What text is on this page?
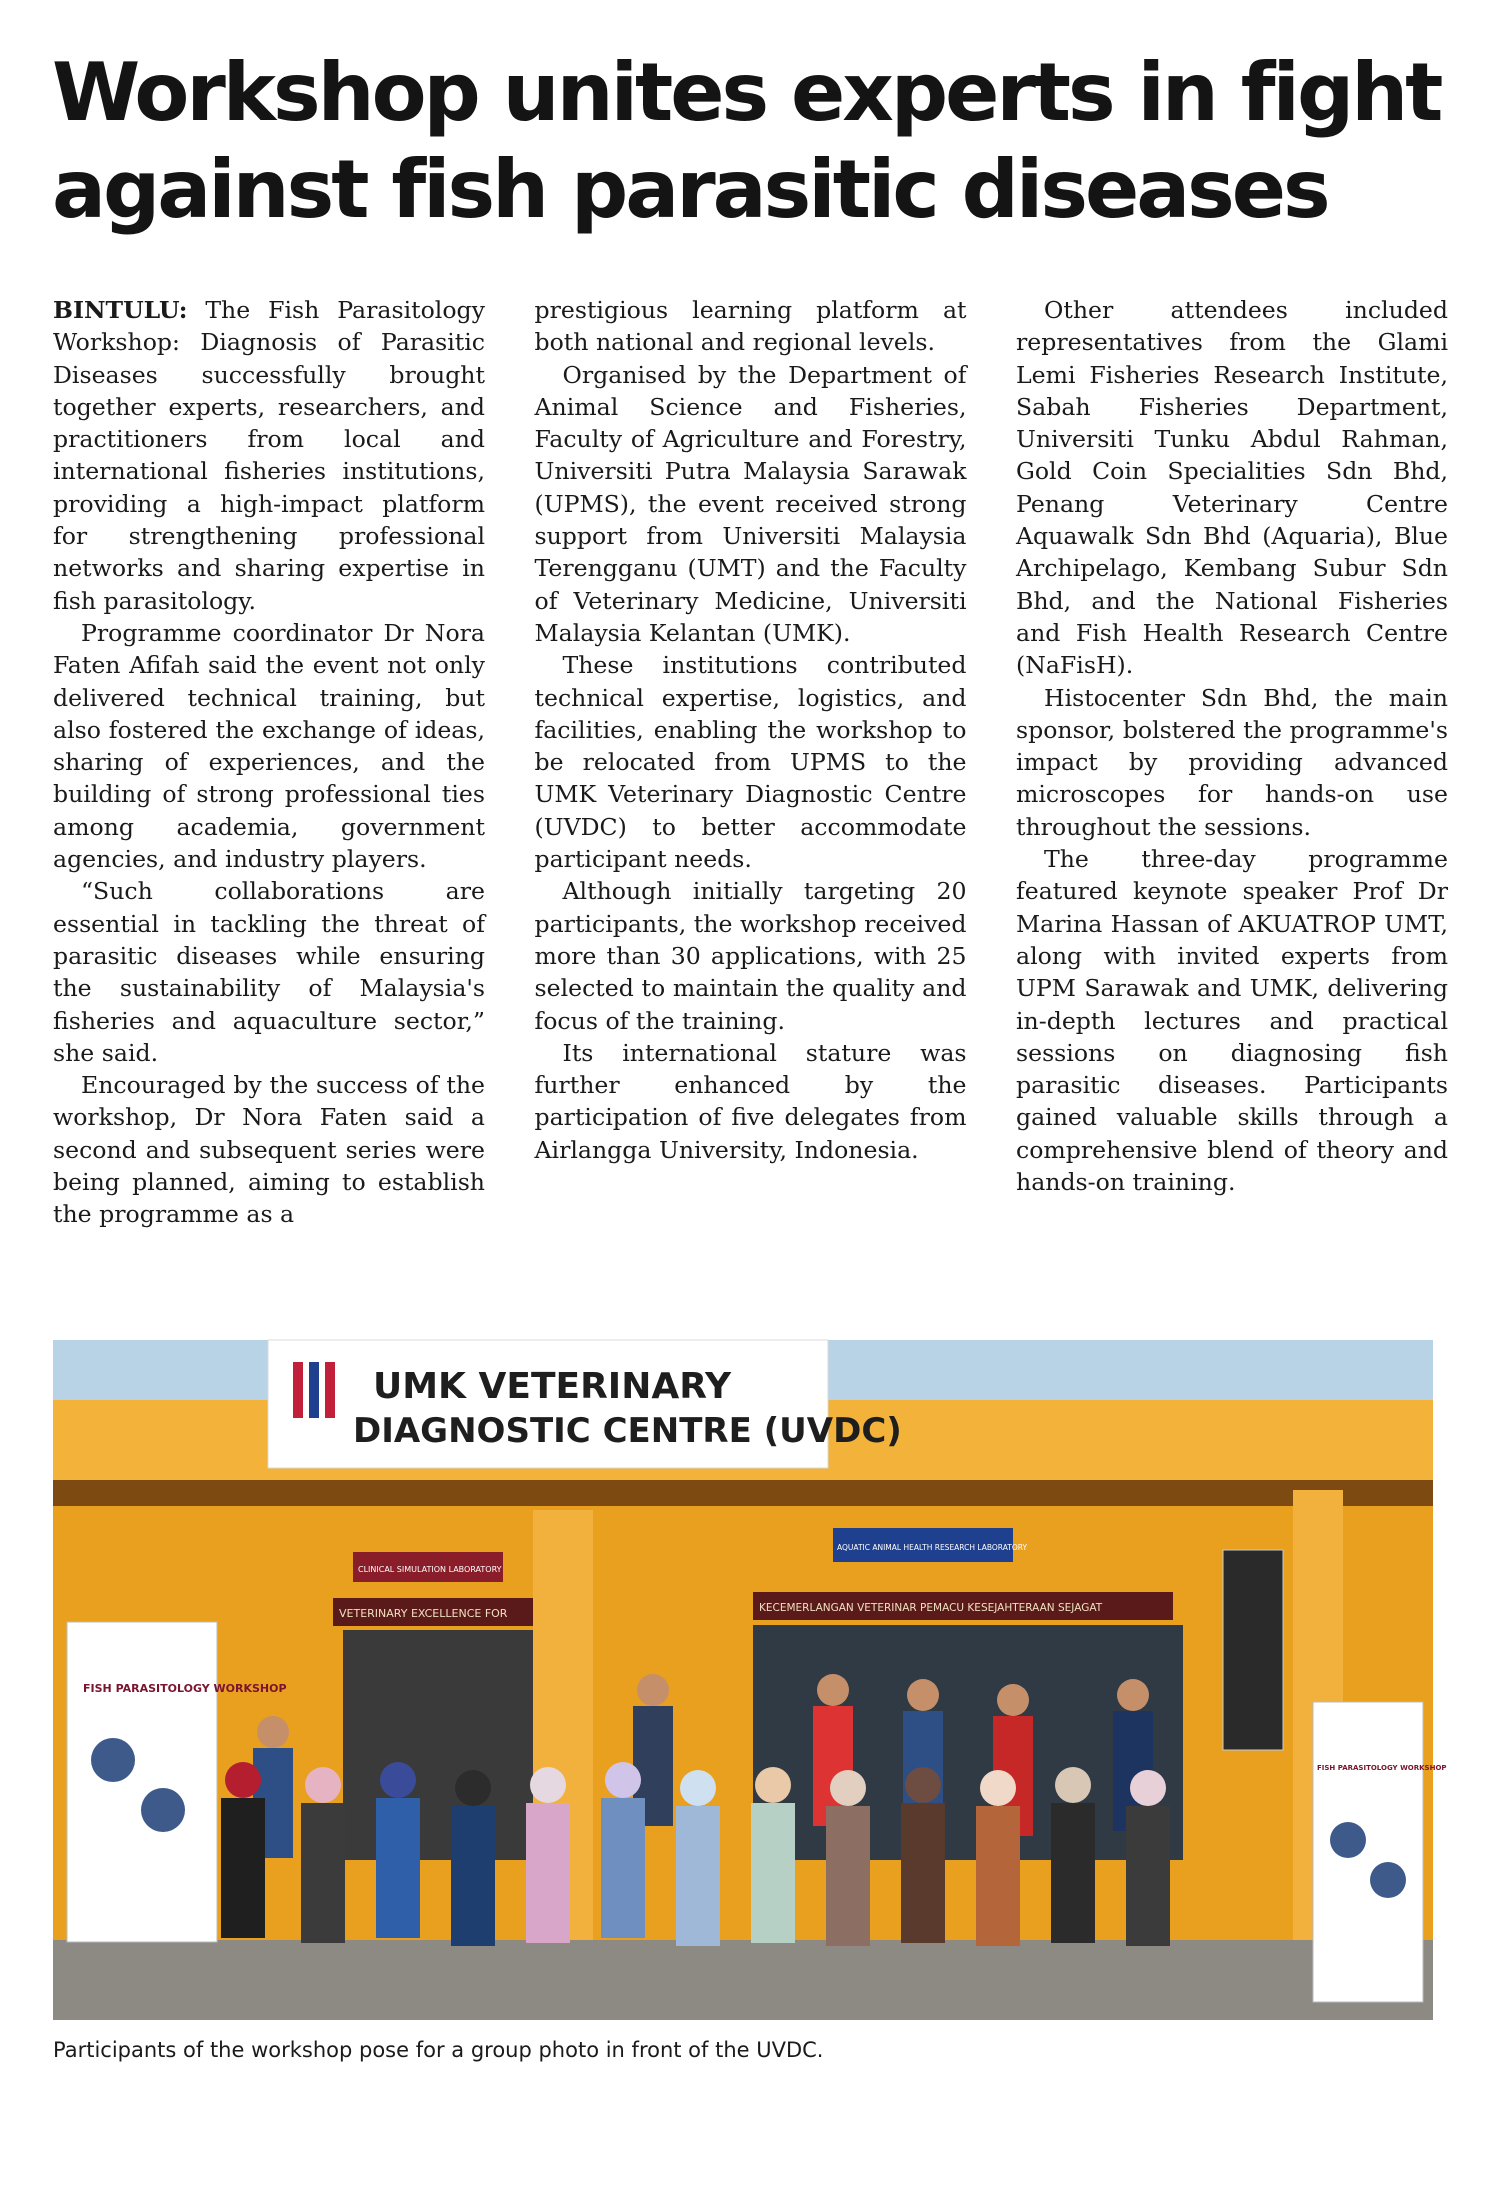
Workshop unites experts in fight against fish parasitic diseases

BINTULU: The Fish Parasitology Workshop: Diagnosis of Parasitic Diseases successfully brought together experts, researchers, and practitioners from local and international fisheries institutions, providing a high-impact platform for strengthening professional networks and sharing expertise in fish parasitology.

Programme coordinator Dr Nora Faten Afifah said the event not only delivered technical training, but also fostered the exchange of ideas, sharing of experiences, and the building of strong professional ties among academia, government agencies, and industry players.

“Such collaborations are essential in tackling the threat of parasitic diseases while ensuring the sustainability of Malaysia's fisheries and aquaculture sector,” she said.

Encouraged by the success of the workshop, Dr Nora Faten said a second and subsequent series were being planned, aiming to establish the programme as a

prestigious learning platform at both national and regional levels.

Organised by the Department of Animal Science and Fisheries, Faculty of Agriculture and Forestry, Universiti Putra Malaysia Sarawak (UPMS), the event received strong support from Universiti Malaysia Terengganu (UMT) and the Faculty of Veterinary Medicine, Universiti Malaysia Kelantan (UMK).

These institutions contributed technical expertise, logistics, and facilities, enabling the workshop to be relocated from UPMS to the UMK Veterinary Diagnostic Centre (UVDC) to better accommodate participant needs.

Although initially targeting 20 participants, the workshop received more than 30 applications, with 25 selected to maintain the quality and focus of the training.

Its international stature was further enhanced by the participation of five delegates from Airlangga University, Indonesia.

Other attendees included representatives from the Glami Lemi Fisheries Research Institute, Sabah Fisheries Department, Universiti Tunku Abdul Rahman, Gold Coin Specialities Sdn Bhd, Penang Veterinary Centre Aquawalk Sdn Bhd (Aquaria), Blue Archipelago, Kembang Subur Sdn Bhd, and the National Fisheries and Fish Health Research Centre (NaFisH).

Histocenter Sdn Bhd, the main sponsor, bolstered the programme's impact by providing advanced microscopes for hands-on use throughout the sessions.

The three-day programme featured keynote speaker Prof Dr Marina Hassan of AKUATROP UMT, along with invited experts from UPM Sarawak and UMK, delivering in-depth lectures and practical sessions on diagnosing fish parasitic diseases. Participants gained valuable skills through a comprehensive blend of theory and hands-on training.

UMK VETERINARY
DIAGNOSTIC CENTRE (UVDC)
CLINICAL SIMULATION LABORATORY
AQUATIC ANIMAL HEALTH RESEARCH LABORATORY
VETERINARY EXCELLENCE FOR	KECEMERLANGAN VETERINAR PEMACU KESEJAHTERAAN SEJAGAT
FISH PARASITOLOGY WORKSHOP
FISH PARASITOLOGY WORKSHOP

Participants of the workshop pose for a group photo in front of the UVDC.
